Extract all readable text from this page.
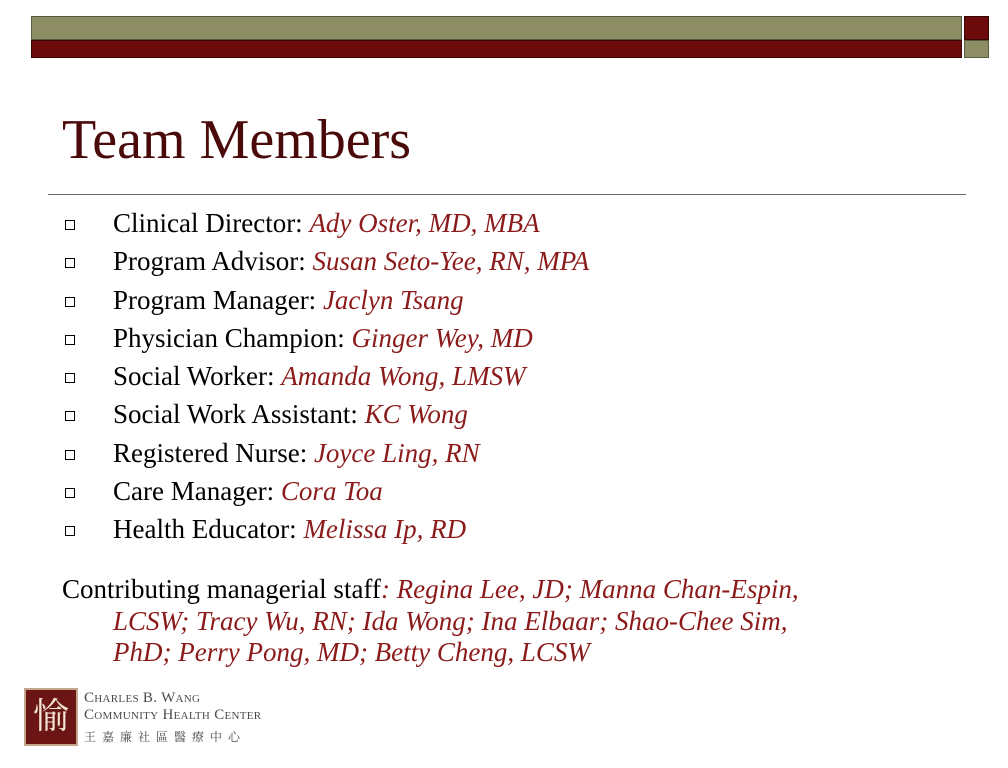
Team Members
Clinical Director: Ady Oster, MD, MBA
Program Advisor: Susan Seto-Yee, RN, MPA
Program Manager: Jaclyn Tsang
Physician Champion: Ginger Wey, MD
Social Worker: Amanda Wong, LMSW
Social Work Assistant: KC Wong
Registered Nurse: Joyce Ling, RN
Care Manager: Cora Toa
Health Educator: Melissa Ip, RD
Contributing managerial staff: Regina Lee, JD; Manna Chan-Espin,
LCSW; Tracy Wu, RN; Ida Wong; Ina Elbaar; Shao-Chee Sim,
PhD; Perry Pong, MD; Betty Cheng, LCSW
愉 Charles B. Wang
Community Health Center
王嘉廉社區醫療中心
